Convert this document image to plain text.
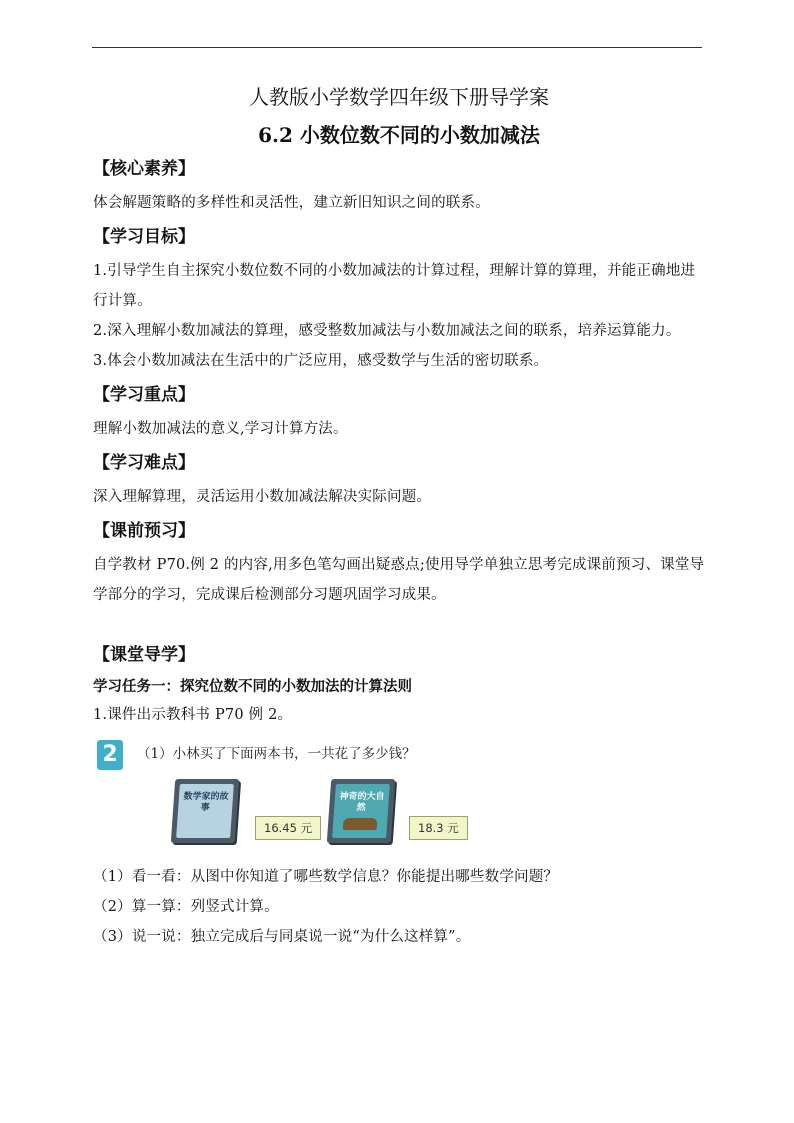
人教版小学数学四年级下册导学案
6.2 小数位数不同的小数加减法

【核心素养】

体会解题策略的多样性和灵活性，建立新旧知识之间的联系。

【学习目标】

1.引导学生自主探究小数位数不同的小数加减法的计算过程，理解计算的算理，并能正确地进行计算。

2.深入理解小数加减法的算理，感受整数加减法与小数加减法之间的联系，培养运算能力。

3.体会小数加减法在生活中的广泛应用，感受数学与生活的密切联系。

【学习重点】

理解小数加减法的意义,学习计算方法。

【学习难点】

深入理解算理，灵活运用小数加减法解决实际问题。

【课前预习】

自学教材 P70.例 2 的内容,用多色笔勾画出疑惑点;使用导学单独立思考完成课前预习、课堂导学部分的学习，完成课后检测部分习题巩固学习成果。

【课堂导学】

学习任务一：探究位数不同的小数加法的计算法则

1.课件出示教科书 P70 例 2。

2	（1）小林买了下面两本书，一共花了多少钱？
数学家的故事
16.45 元
神奇的大自然
18.3 元

（1）看一看：从图中你知道了哪些数学信息？你能提出哪些数学问题？

（2）算一算：列竖式计算。

（3）说一说：独立完成后与同桌说一说“为什么这样算”。
